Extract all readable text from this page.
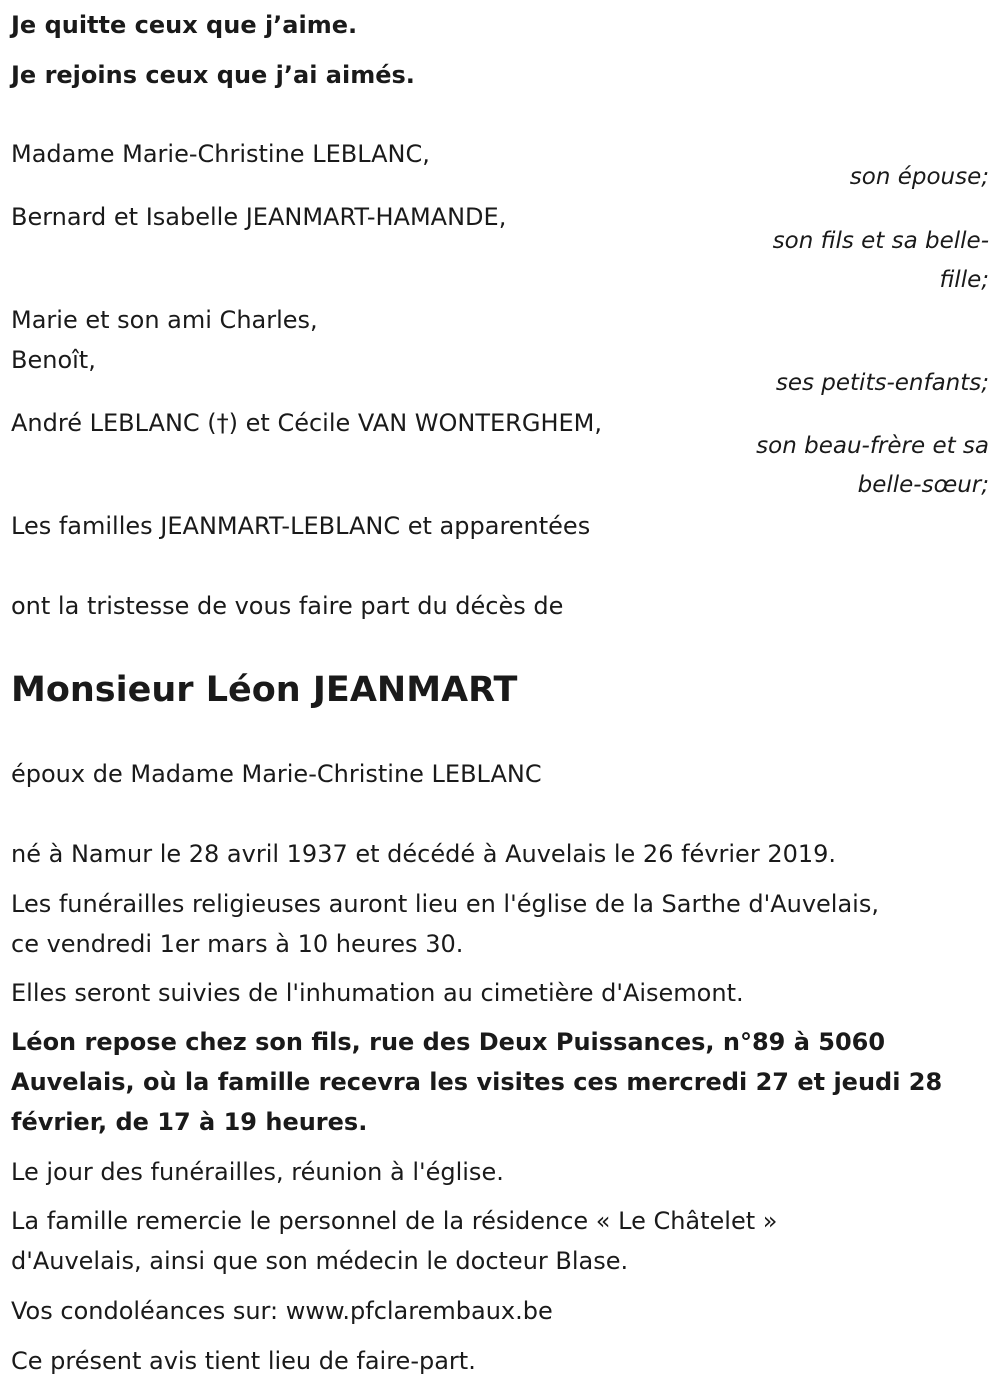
Je quitte ceux que j’aime.
Je rejoins ceux que j’ai aimés.
Madame Marie-Christine LEBLANC,
son épouse;
Bernard et Isabelle JEANMART-HAMANDE,
son fils et sa belle-
fille;
Marie et son ami Charles,
Benoît,
ses petits-enfants;
André LEBLANC (†) et Cécile VAN WONTERGHEM,
son beau-frère et sa
belle-sœur;
Les familles JEANMART-LEBLANC et apparentées
ont la tristesse de vous faire part du décès de
Monsieur Léon JEANMART
époux de Madame Marie-Christine LEBLANC
né à Namur le 28 avril 1937 et décédé à Auvelais le 26 février 2019.
Les funérailles religieuses auront lieu en l'église de la Sarthe d'Auvelais,
ce vendredi 1er mars à 10 heures 30.
Elles seront suivies de l'inhumation au cimetière d'Aisemont.
Léon repose chez son fils, rue des Deux Puissances, n°89 à 5060
Auvelais, où la famille recevra les visites ces mercredi 27 et jeudi 28
février, de 17 à 19 heures.
Le jour des funérailles, réunion à l'église.
La famille remercie le personnel de la résidence « Le Châtelet »
d'Auvelais, ainsi que son médecin le docteur Blase.
Vos condoléances sur: www.pfclarembaux.be
Ce présent avis tient lieu de faire-part.
